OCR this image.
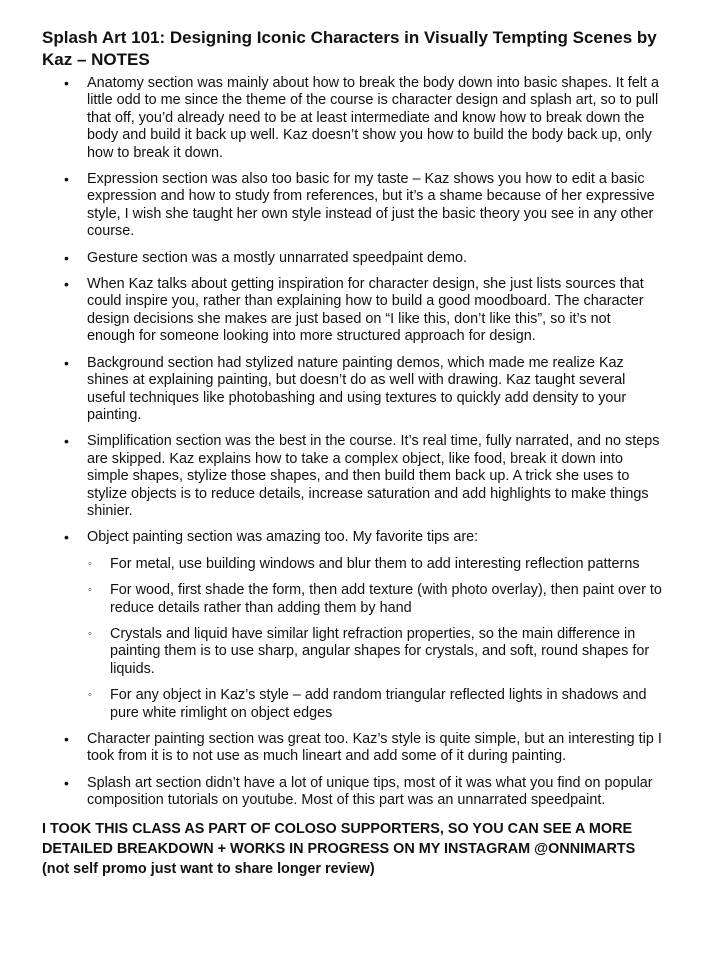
Splash Art 101: Designing Iconic Characters in Visually Tempting Scenes by Kaz – NOTES
• Anatomy section was mainly about how to break the body down into basic shapes. It felt a little odd to me since the theme of the course is character design and splash art, so to pull that off, you’d already need to be at least intermediate and know how to break down the body and build it back up well. Kaz doesn’t show you how to build the body back up, only how to break it down.
• Expression section was also too basic for my taste – Kaz shows you how to edit a basic expression and how to study from references, but it’s a shame because of her expressive style, I wish she taught her own style instead of just the basic theory you see in any other course.
• Gesture section was a mostly unnarrated speedpaint demo.
• When Kaz talks about getting inspiration for character design, she just lists sources that could inspire you, rather than explaining how to build a good moodboard. The character design decisions she makes are just based on “I like this, don’t like this”, so it’s not enough for someone looking into more structured approach for design.
• Background section had stylized nature painting demos, which made me realize Kaz shines at explaining painting, but doesn’t do as well with drawing. Kaz taught several useful techniques like photobashing and using textures to quickly add density to your painting.
• Simplification section was the best in the course. It’s real time, fully narrated, and no steps are skipped. Kaz explains how to take a complex object, like food, break it down into simple shapes, stylize those shapes, and then build them back up. A trick she uses to stylize objects is to reduce details, increase saturation and add highlights to make things shinier.
• Object painting section was amazing too. My favorite tips are:
◦ For metal, use building windows and blur them to add interesting reflection patterns
◦ For wood, first shade the form, then add texture (with photo overlay), then paint over to reduce details rather than adding them by hand
◦ Crystals and liquid have similar light refraction properties, so the main difference in painting them is to use sharp, angular shapes for crystals, and soft, round shapes for liquids.
◦ For any object in Kaz’s style – add random triangular reflected lights in shadows and pure white rimlight on object edges
• Character painting section was great too. Kaz’s style is quite simple, but an interesting tip I took from it is to not use as much lineart and add some of it during painting.
• Splash art section didn’t have a lot of unique tips, most of it was what you find on popular composition tutorials on youtube. Most of this part was an unnarrated speedpaint.
I TOOK THIS CLASS AS PART OF COLOSO SUPPORTERS, SO YOU CAN SEE A MORE DETAILED BREAKDOWN + WORKS IN PROGRESS ON MY INSTAGRAM @ONNIMARTS (not self promo just want to share longer review)
